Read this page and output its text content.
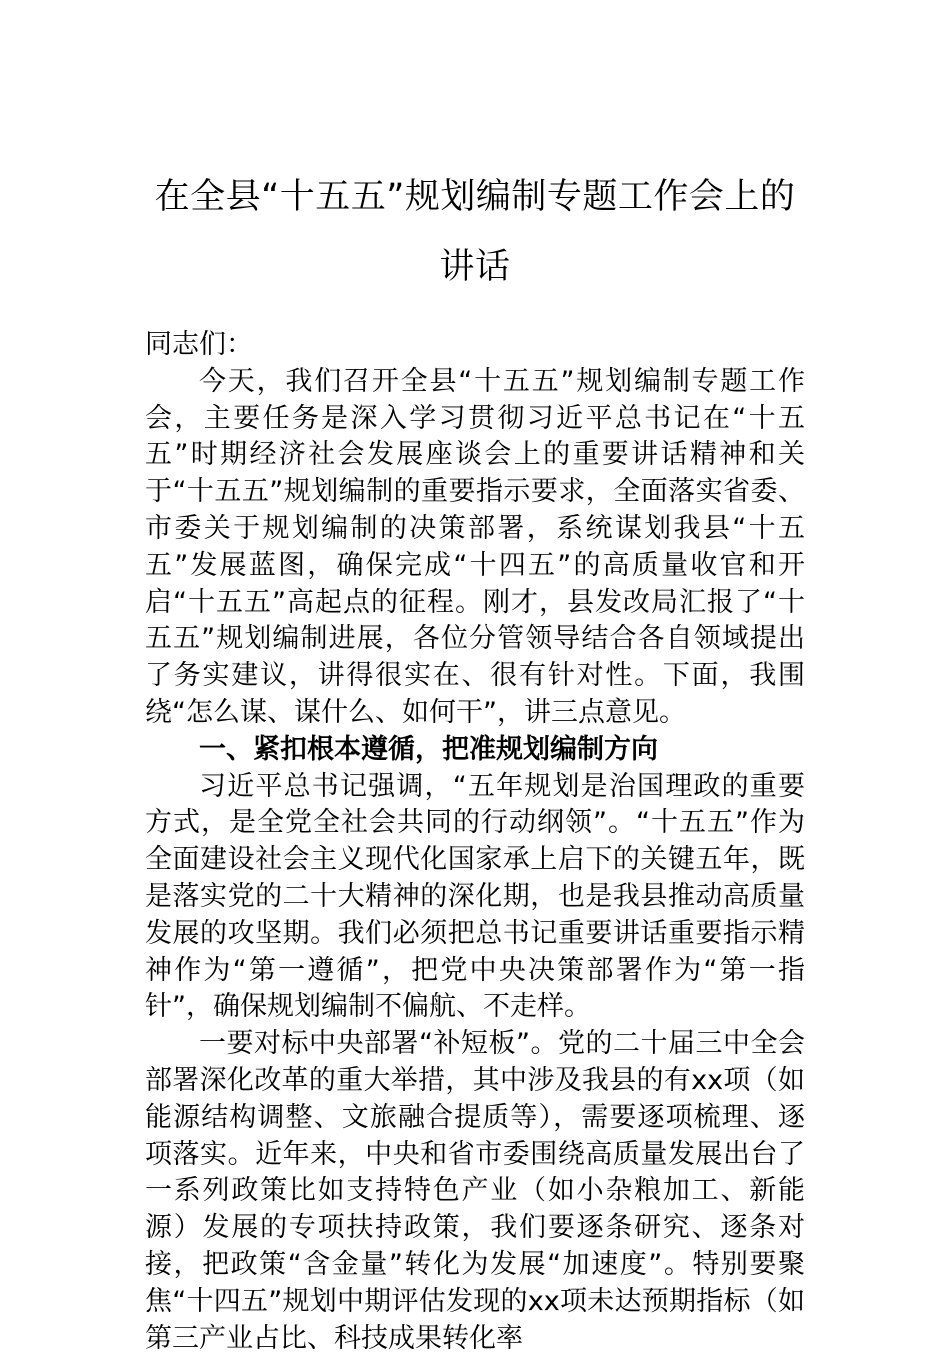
在全县“十五五”规划编制专题工作会上的讲话

同志们：

今天，我们召开全县“十五五”规划编制专题工作会，主要任务是深入学习贯彻习近平总书记在“十五五”时期经济社会发展座谈会上的重要讲话精神和关于“十五五”规划编制的重要指示要求，全面落实省委、市委关于规划编制的决策部署，系统谋划我县“十五五”发展蓝图，确保完成“十四五”的高质量收官和开启“十五五”高起点的征程。刚才，县发改局汇报了“十五五”规划编制进展，各位分管领导结合各自领域提出了务实建议，讲得很实在、很有针对性。下面，我围绕“怎么谋、谋什么、如何干”，讲三点意见。

一、紧扣根本遵循，把准规划编制方向

习近平总书记强调，“五年规划是治国理政的重要方式，是全党全社会共同的行动纲领”。“十五五”作为全面建设社会主义现代化国家承上启下的关键五年，既是落实党的二十大精神的深化期，也是我县推动高质量发展的攻坚期。我们必须把总书记重要讲话重要指示精神作为“第一遵循”，把党中央决策部署作为“第一指针”，确保规划编制不偏航、不走样。

一要对标中央部署“补短板”。党的二十届三中全会部署深化改革的重大举措，其中涉及我县的有xx项（如能源结构调整、文旅融合提质等），需要逐项梳理、逐项落实。近年来，中央和省市委围绕高质量发展出台了一系列政策比如支持特色产业（如小杂粮加工、新能源）发展的专项扶持政策，我们要逐条研究、逐条对接，把政策“含金量”转化为发展“加速度”。特别要聚焦“十四五”规划中期评估发现的xx项未达预期指标（如第三产业占比、科技成果转化率
